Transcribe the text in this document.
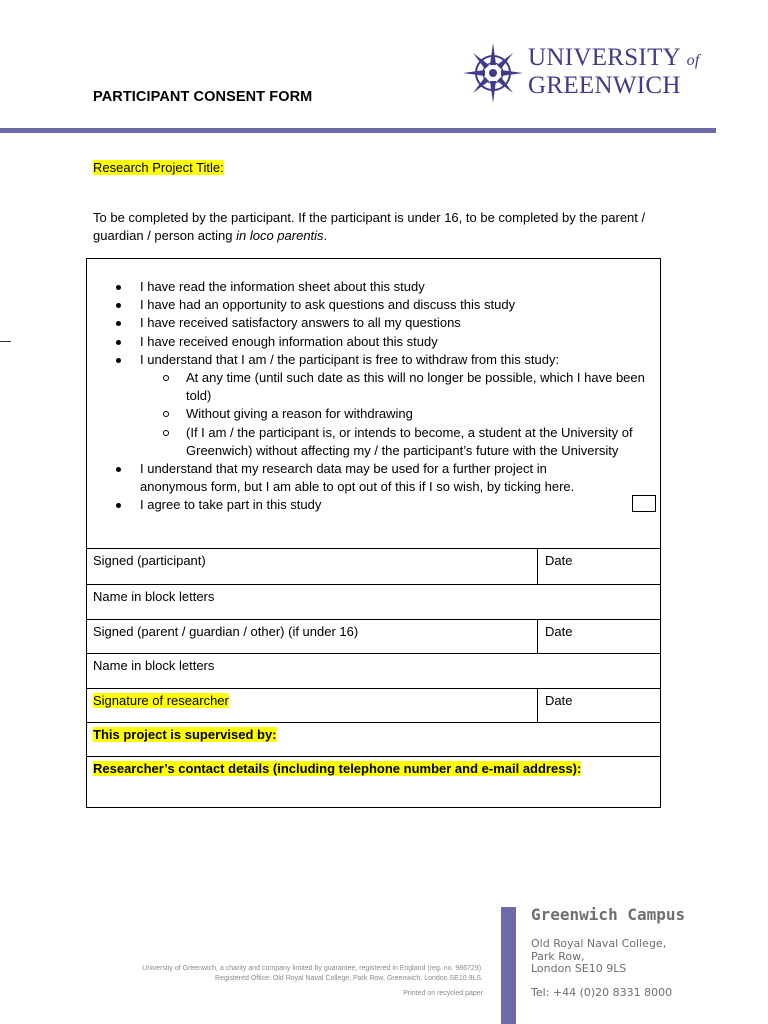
PARTICIPANT CONSENT FORM
UNIVERSITY of
GREENWICH
Research Project Title:
To be completed by the participant. If the participant is under 16, to be completed by the parent / guardian / person acting in loco parentis.
I have read the information sheet about this study
I have had an opportunity to ask questions and discuss this study
I have received satisfactory answers to all my questions
I have received enough information about this study
I understand that I am / the participant is free to withdraw from this study:
At any time (until such date as this will no longer be possible, which I have been told)
Without giving a reason for withdrawing
(If I am / the participant is, or intends to become, a student at the University of Greenwich) without affecting my / the participant’s future with the University
I understand that my research data may be used for a further project in anonymous form, but I am able to opt out of this if I so wish, by ticking here.
I agree to take part in this study
Signed (participant)	Date
Name in block letters
Signed (parent / guardian / other) (if under 16)	Date
Name in block letters
Signature of researcher	Date
This project is supervised by:
Researcher’s contact details (including telephone number and e-mail address):
Greenwich Campus
Old Royal Naval College,
Park Row,
London SE10 9LS
Tel: +44 (0)20 8331 8000
University of Greenwich, a charity and company limited by guarantee, registered in England (reg. no. 986729).
Registered Office: Old Royal Naval College, Park Row, Greenwich, London SE10 9LS.
Printed on recycled paper
